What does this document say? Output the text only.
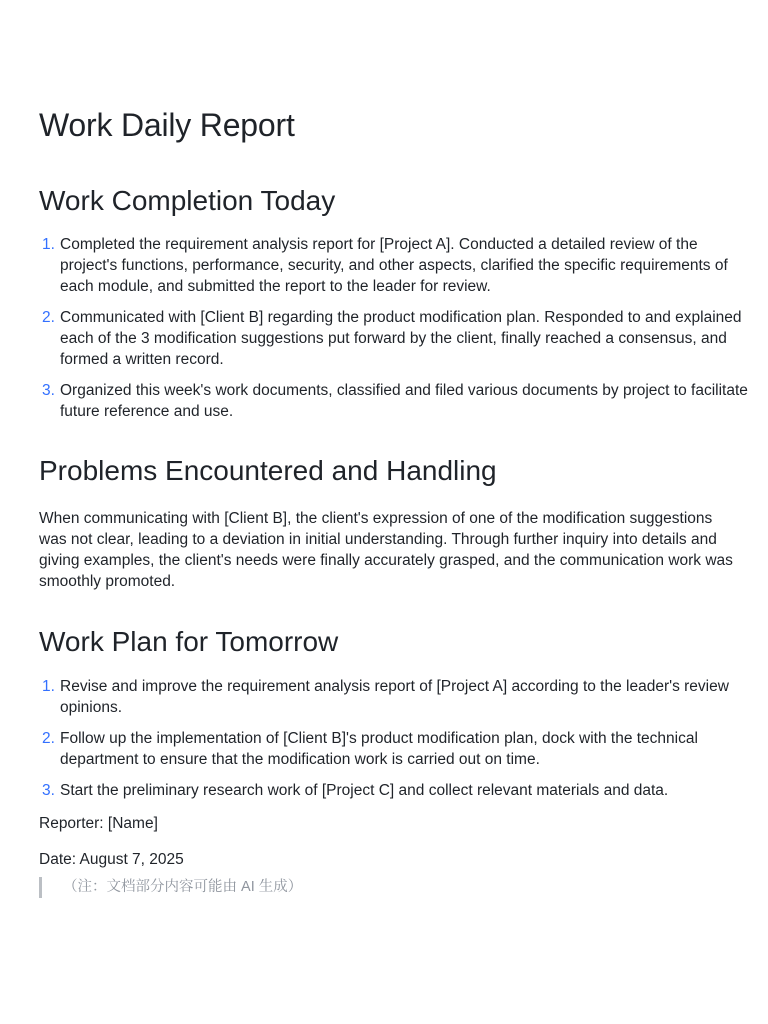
Work Daily Report
Work Completion Today
1. Completed the requirement analysis report for [Project A]. Conducted a detailed review of the project's functions, performance, security, and other aspects, clarified the specific requirements of each module, and submitted the report to the leader for review.
2. Communicated with [Client B] regarding the product modification plan. Responded to and explained each of the 3 modification suggestions put forward by the client, finally reached a consensus, and formed a written record.
3. Organized this week's work documents, classified and filed various documents by project to facilitate future reference and use.
Problems Encountered and Handling

When communicating with [Client B], the client's expression of one of the modification suggestions was not clear, leading to a deviation in initial understanding. Through further inquiry into details and giving examples, the client's needs were finally accurately grasped, and the communication work was smoothly promoted.

Work Plan for Tomorrow
1. Revise and improve the requirement analysis report of [Project A] according to the leader's review opinions.
2. Follow up the implementation of [Client B]'s product modification plan, dock with the technical department to ensure that the modification work is carried out on time.
3. Start the preliminary research work of [Project C] and collect relevant materials and data.
Reporter: [Name]
Date: August 7, 2025
（注：文档部分内容可能由 AI 生成）
